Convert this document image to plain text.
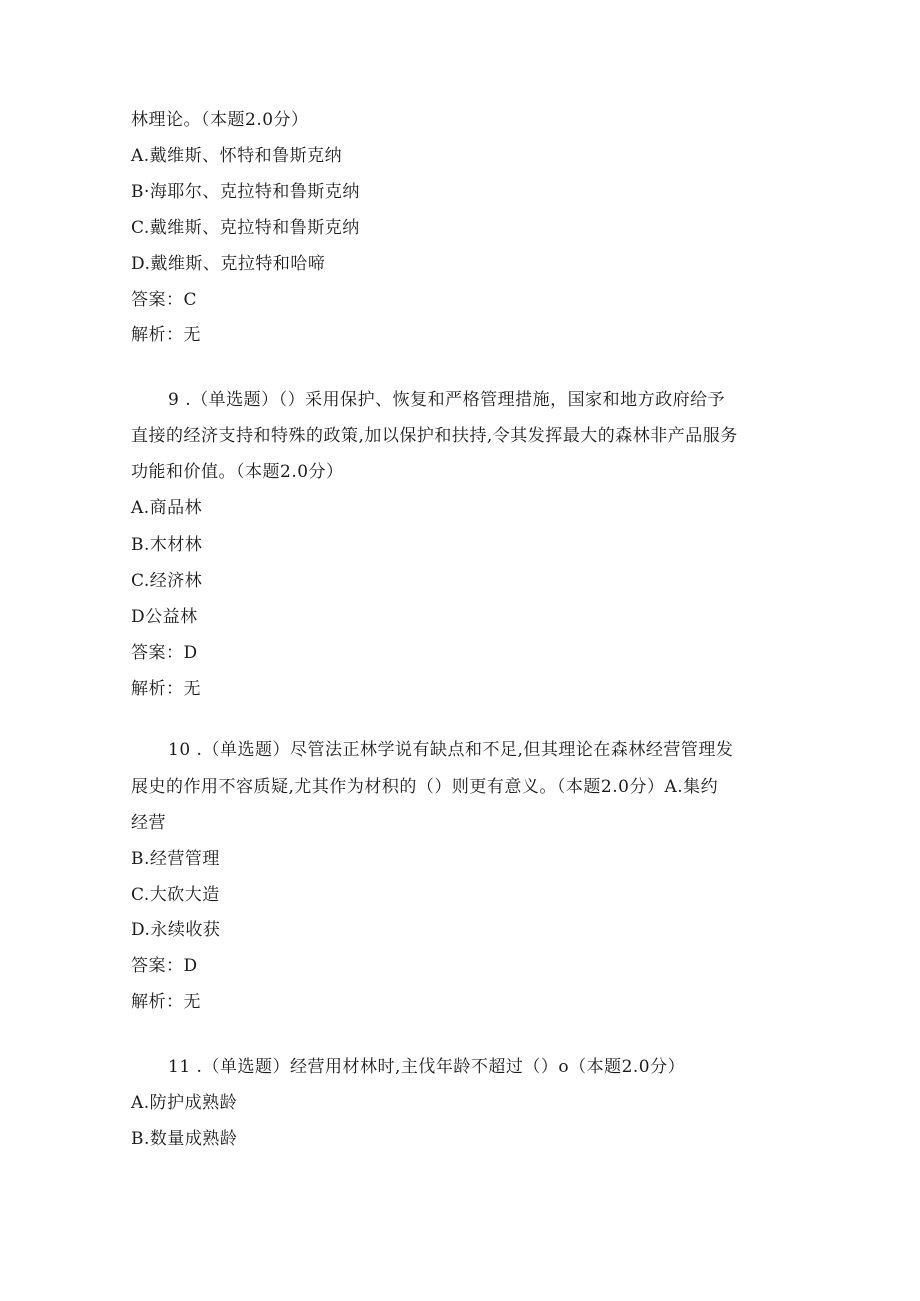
林理论。（本题2.0分）
A.戴维斯、怀特和鲁斯克纳
B·海耶尔、克拉特和鲁斯克纳
C.戴维斯、克拉特和鲁斯克纳
D.戴维斯、克拉特和哈啼
答案：C
解析：无
9 .（单选题）（）采用保护、恢复和严格管理措施，国家和地方政府给予
直接的经济支持和特殊的政策,加以保护和扶持,令其发挥最大的森林非产品服务
功能和价值。（本题2.0分）
A.商品林
B.木材林
C.经济林
D公益林
答案：D
解析：无
10 .（单选题）尽管法正林学说有缺点和不足,但其理论在森林经营管理发
展史的作用不容质疑,尤其作为材积的（）则更有意义。（本题2.0分）A.集约
经营
B.经营管理
C.大砍大造
D.永续收获
答案：D
解析：无
11 .（单选题）经营用材林时,主伐年龄不超过（）o（本题2.0分）
A.防护成熟龄
B.数量成熟龄
